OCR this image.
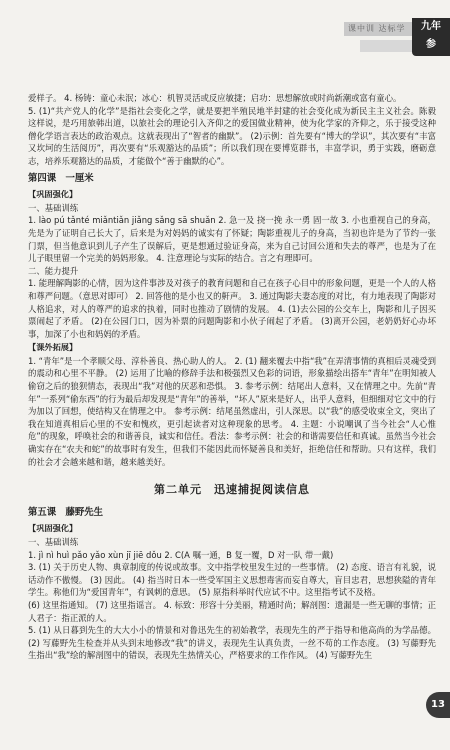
课中训 达标学	九年
参

爱样子。 4. 杨铸：童心未泯；冰心：机智灵活或反应敏捷；启功：思想解放或时尚新潮或富有童心。

5. (1)“共产党人的化学”是指社会变化之学，就是要把半殖民地半封建的社会变化成为新民主主义社会。陈毅这样说，是巧用旅韩出道，以旅社会的理论引入齐仰之的爱国做业精神，使为化学家的齐仰之，乐于接受这种僧化学语言表达的政治观点。这就表现出了“智者的幽默”。 (2)示例：首先要有“博大的学识”，其次要有“丰富又坎坷的生活阅历”，再次要有“乐观豁达的品质”；所以我们现在要博览群书，丰富学识，勇于实践，磨砺意志，培养乐观豁达的品质，才能做个“善于幽默的心”。

第四课　一厘米
【巩固强化】

一、基础训练

1. lào pú tǎnté miǎntiǎn jiǎng sǎng sā shuǎn 2. 急一及 挠一挽 永一勇 固一故 3. 小也重视自己的身高，先是为了证明自己长大了，后来是为对妈妈的诚实有了怀疑；陶影重视儿子的身高，当初也许是为了节约一张门票，但当他意识到儿子产生了误解后，更是想通过验证身高，来为自己讨回公道和失去的尊严，也是为了在儿子眼里留一个完美的妈妈形象。 4. 注意理论与实际的结合。言之有理即可。

二、能力提升

1. 能理解陶影的心情，因为这件事涉及对孩子的教育问题和自己在孩子心目中的形象问题，更是一个人的人格和尊严问题。（意思对即可） 2. 回答他的是小也又的鼾声。 3. 通过陶影夫妻态度的对比，有力地表现了陶影对人格追求，对人的尊严的追求的执着，同时也推动了剧情的发展。 4. (1)去公园的公交车上，陶影和儿子因买票闹起了矛盾。 (2)在公园门口，因为补票的问题陶影和小伙子闹起了矛盾。 (3)离开公园，老奶奶好心办坏事，加深了小也和妈妈的矛盾。

【课外拓展】

1. “青年”是一个孝顺父母、淳朴善良、热心助人的人。 2. (1) 翻来覆去中指“我”在弄清事情的真相后灵魂受到的震动和心里不平静。 (2) 运用了比喻的修辞手法和极强烈又色彩的词语，形象描绘出搭车“青年”在明知被人偷窃之后的狼狈情态，表现出“我”对他的厌恶和恐惧。 3. 参考示例：结尾出人意料，又在情理之中。先前“青年”一系列“偷东西”的行为最后却发现是“青年”的善举，“坏人”原来是好人，出乎人意料，但细细对它文中的行为加以了回想，使结构又在情理之中。 参考示例：结尾虽然虚出，引人深思。以“我”的感受收束全文，突出了我在知道真相后心里的不安和愧疚，更引起读者对这种现象的思考。 4. 主题：小说嘲讽了当今社会“人心惟危”的现象，呼唤社会的和谐善良，诚实和信任。看法：参考示例：社会的和谐需要信任和真诚。虽然当今社会确实存在“农夫和蛇”的故事时有发生，但我们不能因此而怀疑善良和美好，拒绝信任和帮助。只有这样，我们的社会才会越来越和谐，越来越美好。

第二单元　迅速捕捉阅读信息
第五课　藤野先生
【巩固强化】

一、基础训练

1. jì nì huì pǎo yǎo xùn jī jiē dǒu 2. C(A 嘱一通，B 复一覆，D 对一队 带一戴)

3. (1) 关于历史人物、典章制度的传说或故事。文中指学校里发生过的一些事情。 (2) 态度、语言有礼貌，说话动作不傲慢。 (3) 因此。 (4) 指当时日本一些受军国主义思想毒害而妄自尊大，盲目忠君，思想狭隘的青年学生。称他们为“爱国青年”，有讽刺的意思。 (5) 原指科举时代应试不中。这里指考试不及格。

(6) 这里指通知。 (7) 这里指谣言。 4. 标致：形容十分美丽，精通时尚；解剖图：遗漏是一些无聊的事情；正人君子：指正派的人。

5. (1) 从日暮到先生的大大小小的情景和对鲁迅先生的初始教学，表现先生的严于指导和他高尚的为学品德。 (2) 写藤野先生检查并从头到末地修改“我”的讲义，表现先生认真负责，一丝不苟的工作态度。 (3) 写藤野先生指出“我”绘的解剖图中的错误，表现先生热情关心，严格要求的工作作风。 (4) 写藤野先生

13
